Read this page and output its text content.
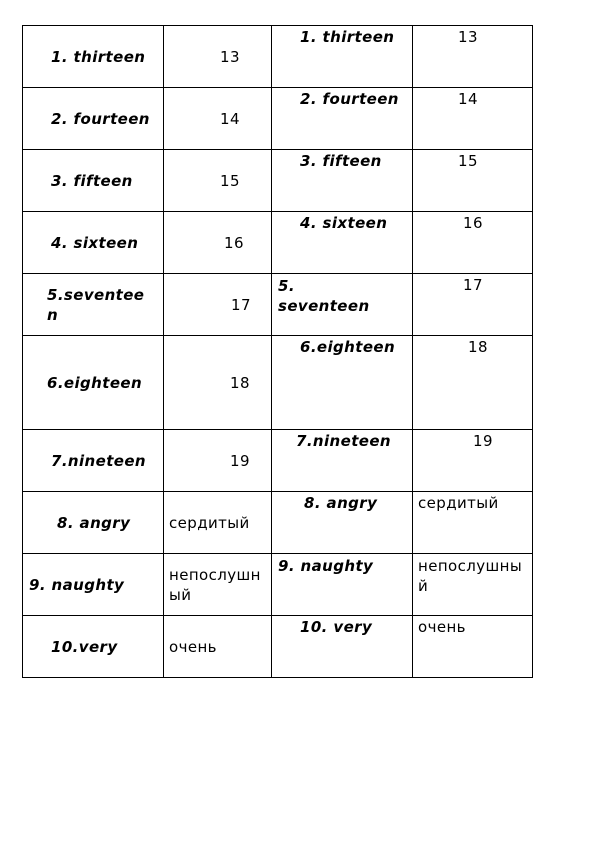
1. thirteen	13	1. thirteen	13
2. fourteen	14	2. fourteen	14
3. fifteen	15	3. fifteen	15
4. sixteen	16	4. sixteen	16
5.seventeen	17	5. seventeen	17
6.eighteen	18	6.eighteen	18
7.nineteen	19	7.nineteen	19
8. angry	сердитый	8. angry	сердитый
9. naughty	непослушный	9. naughty	непослушный
10.very	очень	10. very	очень
